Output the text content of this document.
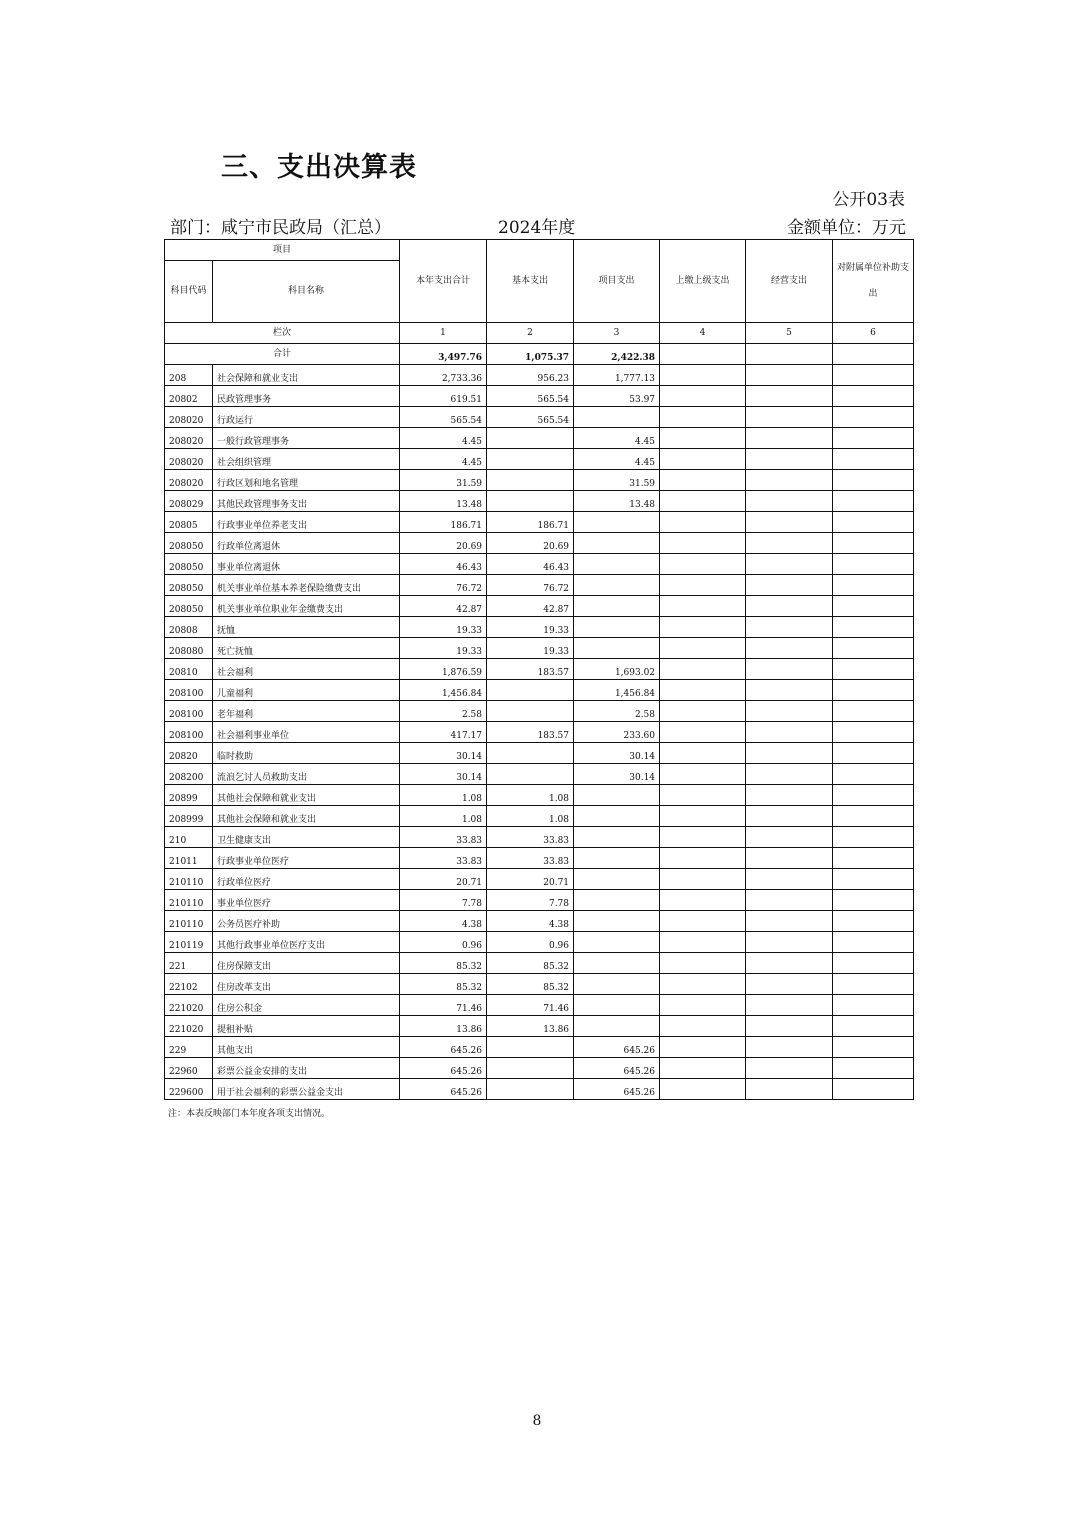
三、支出决算表
公开03表
部门：咸宁市民政局（汇总）	2024年度	金额单位：万元
项目		本年支出合计	基本支出	项目支出	上缴上级支出	经营支出	对附属单位补助支出
科目代码	科目名称						
栏次		1	2	3	4	5	6
合计		3,497.76	1,075.37	2,422.38			
208	社会保障和就业支出	2,733.36	956.23	1,777.13			
20802	民政管理事务	619.51	565.54	53.97			
208020	行政运行	565.54	565.54				
208020	一般行政管理事务	4.45		4.45			
208020	社会组织管理	4.45		4.45			
208020	行政区划和地名管理	31.59		31.59			
208029	其他民政管理事务支出	13.48		13.48			
20805	行政事业单位养老支出	186.71	186.71				
208050	行政单位离退休	20.69	20.69				
208050	事业单位离退休	46.43	46.43				
208050	机关事业单位基本养老保险缴费支出	76.72	76.72				
208050	机关事业单位职业年金缴费支出	42.87	42.87				
20808	抚恤	19.33	19.33				
208080	死亡抚恤	19.33	19.33				
20810	社会福利	1,876.59	183.57	1,693.02			
208100	儿童福利	1,456.84		1,456.84			
208100	老年福利	2.58		2.58			
208100	社会福利事业单位	417.17	183.57	233.60			
20820	临时救助	30.14		30.14			
208200	流浪乞讨人员救助支出	30.14		30.14			
20899	其他社会保障和就业支出	1.08	1.08				
208999	其他社会保障和就业支出	1.08	1.08				
210	卫生健康支出	33.83	33.83				
21011	行政事业单位医疗	33.83	33.83				
210110	行政单位医疗	20.71	20.71				
210110	事业单位医疗	7.78	7.78				
210110	公务员医疗补助	4.38	4.38				
210119	其他行政事业单位医疗支出	0.96	0.96				
221	住房保障支出	85.32	85.32				
22102	住房改革支出	85.32	85.32				
221020	住房公积金	71.46	71.46				
221020	提租补贴	13.86	13.86				
229	其他支出	645.26		645.26			
22960	彩票公益金安排的支出	645.26		645.26			
229600	用于社会福利的彩票公益金支出	645.26		645.26			
注：本表反映部门本年度各项支出情况。
8
